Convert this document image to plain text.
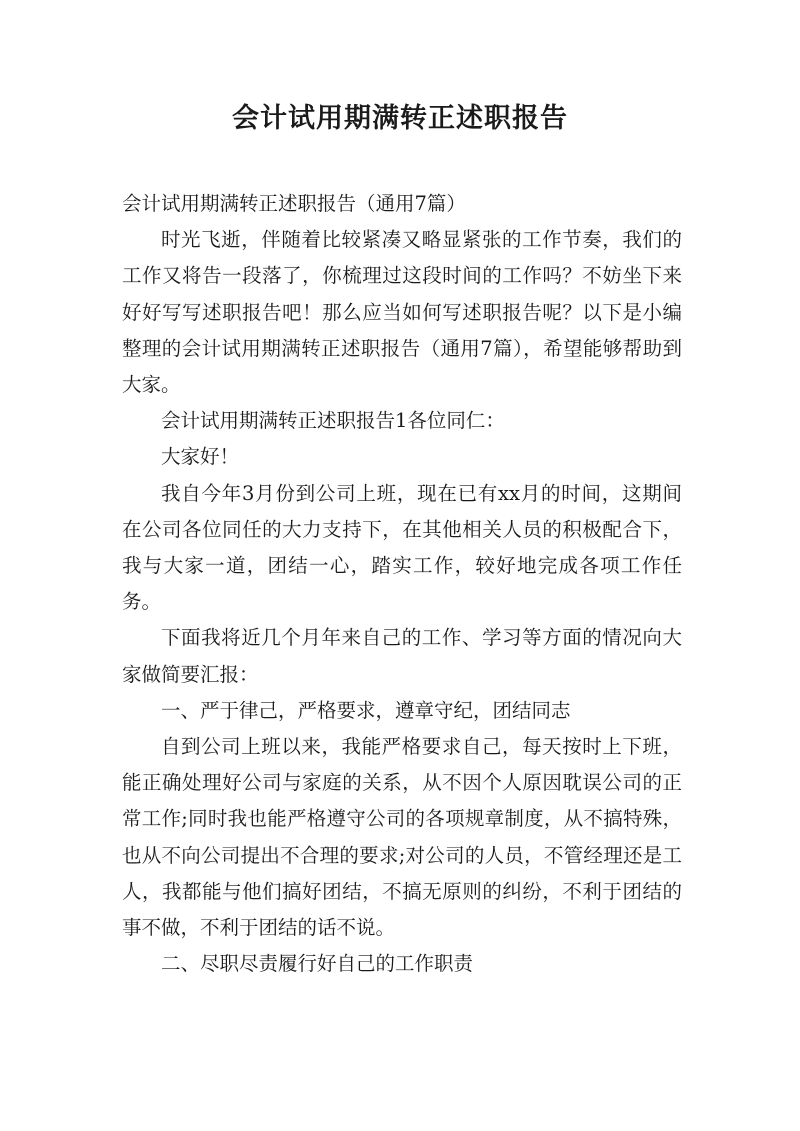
会计试用期满转正述职报告

会计试用期满转正述职报告（通用7篇）

时光飞逝，伴随着比较紧凑又略显紧张的工作节奏，我们的工作又将告一段落了，你梳理过这段时间的工作吗？不妨坐下来好好写写述职报告吧！那么应当如何写述职报告呢？以下是小编整理的会计试用期满转正述职报告（通用7篇），希望能够帮助到大家。

会计试用期满转正述职报告1各位同仁：

大家好！

我自今年3月份到公司上班，现在已有xx月的时间，这期间在公司各位同任的大力支持下，在其他相关人员的积极配合下，我与大家一道，团结一心，踏实工作，较好地完成各项工作任务。

下面我将近几个月年来自己的工作、学习等方面的情况向大家做简要汇报：

一、严于律己，严格要求，遵章守纪，团结同志

自到公司上班以来，我能严格要求自己，每天按时上下班，能正确处理好公司与家庭的关系，从不因个人原因耽误公司的正常工作;同时我也能严格遵守公司的各项规章制度，从不搞特殊，也从不向公司提出不合理的要求;对公司的人员，不管经理还是工人，我都能与他们搞好团结，不搞无原则的纠纷，不利于团结的事不做，不利于团结的话不说。

二、尽职尽责履行好自己的工作职责
